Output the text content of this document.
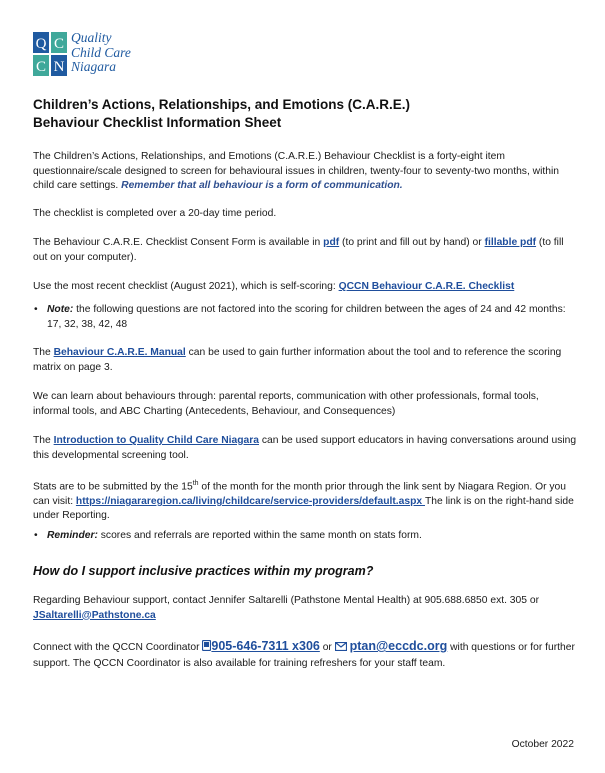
Q C
C N
Quality
Child Care
Niagara
Children’s Actions, Relationships, and Emotions (C.A.R.E.)
Behaviour Checklist Information Sheet
The Children’s Actions, Relationships, and Emotions (C.A.R.E.) Behaviour Checklist is a forty-eight item questionnaire/scale designed to screen for behavioural issues in children, twenty-four to seventy-two months, within child care settings. Remember that all behaviour is a form of communication.
The checklist is completed over a 20-day time period.
The Behaviour C.A.R.E. Checklist Consent Form is available in pdf (to print and fill out by hand) or fillable pdf (to fill out on your computer).
Use the most recent checklist (August 2021), which is self-scoring: QCCN Behaviour C.A.R.E. Checklist
• Note: the following questions are not factored into the scoring for children between the ages of 24 and 42 months: 17, 32, 38, 42, 48
The Behaviour C.A.R.E. Manual can be used to gain further information about the tool and to reference the scoring matrix on page 3.
We can learn about behaviours through: parental reports, communication with other professionals, formal tools, informal tools, and ABC Charting (Antecedents, Behaviour, and Consequences)
The Introduction to Quality Child Care Niagara can be used support educators in having conversations around using this developmental screening tool.
Stats are to be submitted by the 15th of the month for the month prior through the link sent by Niagara Region. Or you can visit: https://niagararegion.ca/living/childcare/service-providers/default.aspx The link is on the right-hand side under Reporting.
• Reminder: scores and referrals are reported within the same month on stats form.
How do I support inclusive practices within my program?
Regarding Behaviour support, contact Jennifer Saltarelli (Pathstone Mental Health) at 905.688.6850 ext. 305 or JSaltarelli@Pathstone.ca
Connect with the QCCN Coordinator 905-646-7311 x306 or  ptan@eccdc.org with questions or for further support. The QCCN Coordinator is also available for training refreshers for your staff team.
October 2022
